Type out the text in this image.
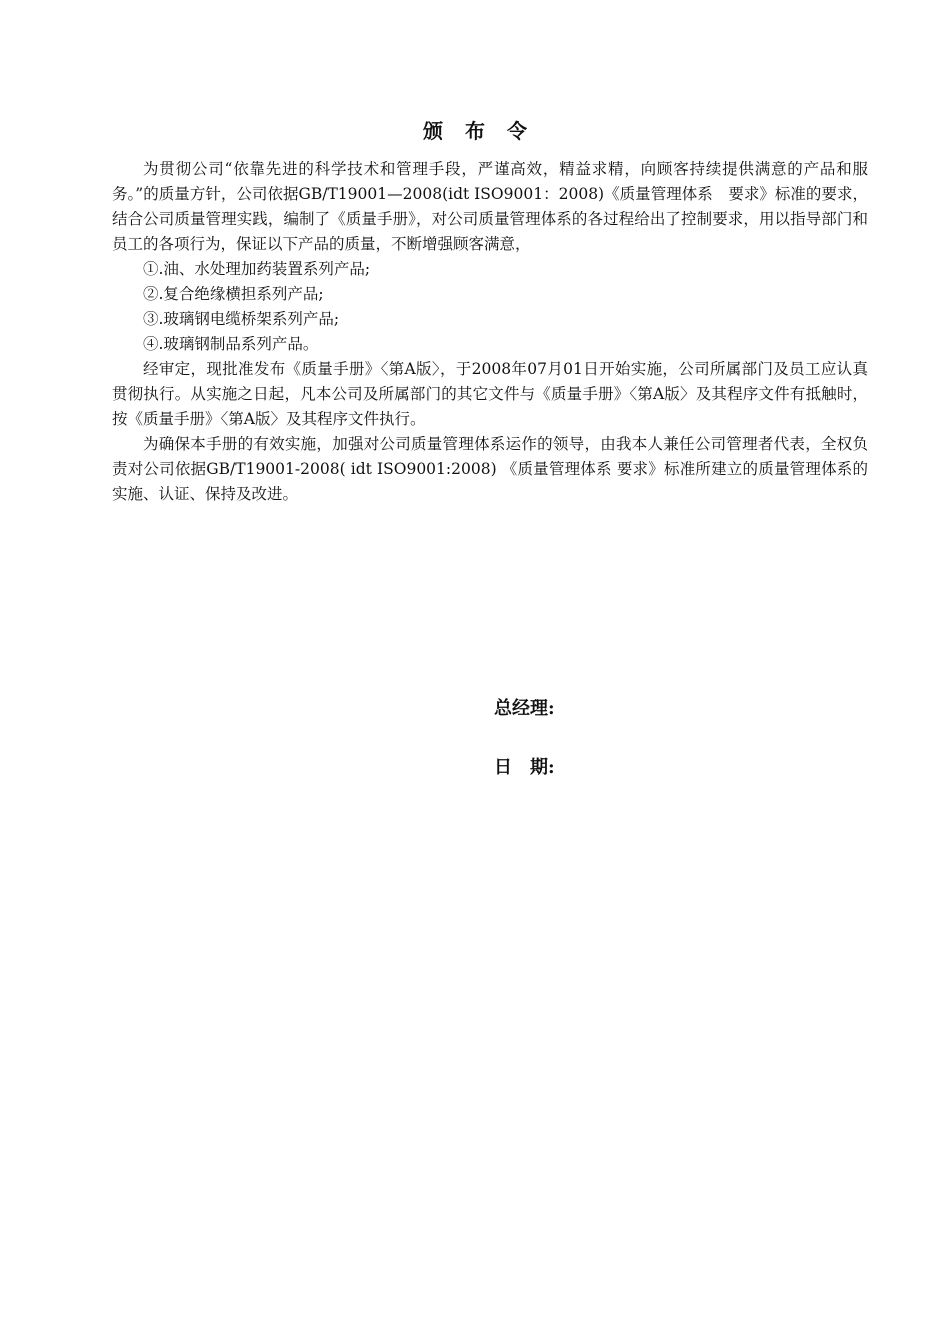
颁布令

为贯彻公司“依靠先进的科学技术和管理手段，严谨高效，精益求精，向顾客持续提供满意的产品和服务。”的质量方针，公司依据GB/T19001—2008(idt ISO9001：2008)《质量管理体系　要求》标准的要求，结合公司质量管理实践，编制了《质量手册》，对公司质量管理体系的各过程给出了控制要求，用以指导部门和员工的各项行为，保证以下产品的质量，不断增强顾客满意，

①.油、水处理加药装置系列产品;

②.复合绝缘横担系列产品;

③.玻璃钢电缆桥架系列产品;

④.玻璃钢制品系列产品。

经审定，现批准发布《质量手册》〈第A版〉，于2008年07月01日开始实施，公司所属部门及员工应认真贯彻执行。从实施之日起，凡本公司及所属部门的其它文件与《质量手册》〈第A版〉及其程序文件有抵触时，按《质量手册》〈第A版〉及其程序文件执行。

为确保本手册的有效实施，加强对公司质量管理体系运作的领导，由我本人兼任公司管理者代表，全权负责对公司依据GB/T19001-2008( idt ISO9001:2008) 《质量管理体系 要求》标准所建立的质量管理体系的实施、认证、保持及改进。

总经理:
日　期:
